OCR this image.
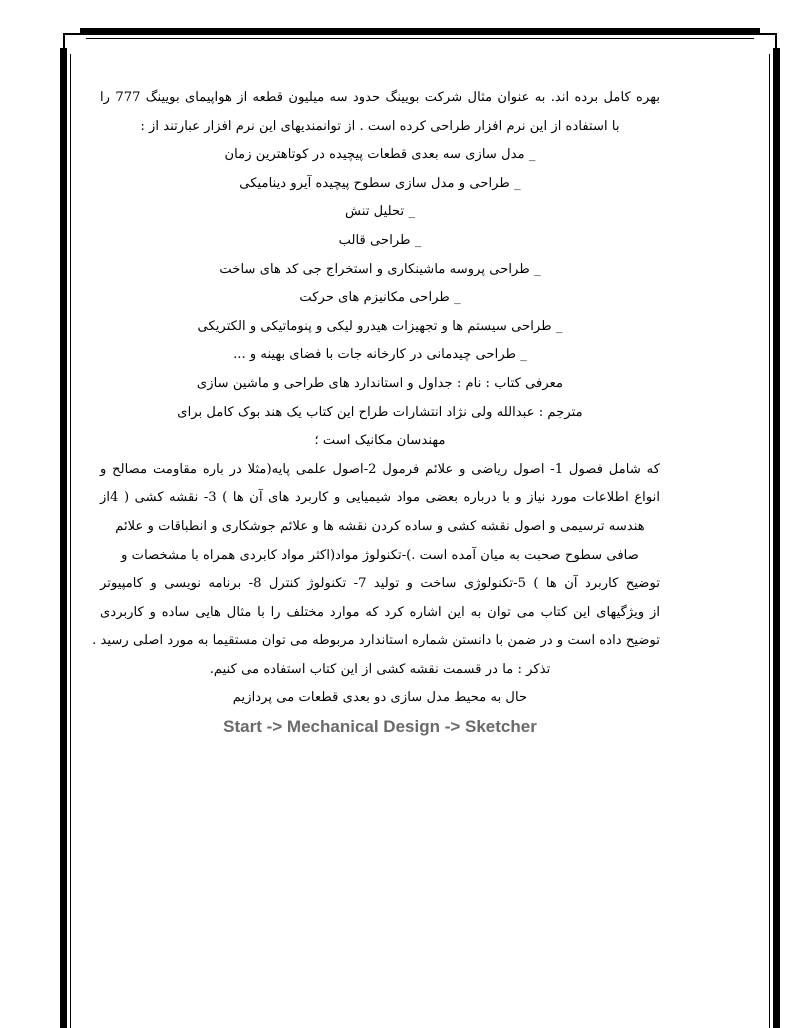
بهره کامل برده اند. به عنوان مثال شرکت بویینگ حدود سه میلیون قطعه از هواپیمای بویینگ 777 را
با استفاده از این نرم افزار طراحی کرده است . از توانمندیهای این نرم افزار عبارتند از :
_ مدل سازی سه بعدی قطعات پیچیده در کوتاهترین زمان
_ طراحی و مدل سازی سطوح پیچیده آیرو دینامیکی
_ تحلیل تنش
_ طراحی قالب
_ طراحی پروسه ماشینکاری و استخراج جی کد های ساخت
_ طراحی مکانیزم های حرکت
_ طراحی سیستم ها و تجهیزات هیدرو لیکی و پنوماتیکی و الکتریکی
_ طراحی چیدمانی در کارخانه جات با فضای بهینه و ...
معرفی کتاب : نام : جداول و استاندارد های طراحی و ماشین سازی
مترجم : عبدالله ولی نژاد انتشارات طراح این کتاب یک هند بوک کامل برای
مهندسان مکانیک است ؛
که شامل فصول 1- اصول ریاضی و علائم فرمول 2-اصول علمی پایه(مثلا در باره مقاومت مصالح و
انواع اطلاعات مورد نیاز و با درباره بعضی مواد شیمیایی و کاربرد های آن ها ) 3- نقشه کشی ( 4از
هندسه ترسیمی و اصول نقشه کشی و ساده کردن نقشه ها و علائم جوشکاری و انطباقات و علائم
صافی سطوح صحبت به میان آمده است .)-تکنولوژ مواد(اکثر مواد کابردی همراه با مشخصات و
توضیح کاربرد آن ها ) 5-تکنولوژی ساخت و تولید 7- تکنولوژ کنترل 8- برنامه نویسی و کامپیوتر
از ویژگیهای این کتاب می توان به این اشاره کرد که موارد مختلف را با مثال هایی ساده و کاربردی
توضیح داده است و در ضمن با دانستن شماره استاندارد مربوطه می توان مستقیما به مورد اصلی رسید .
تذکر : ما در قسمت نقشه کشی از این کتاب استفاده می کنیم.
حال به محیط مدل سازی دو بعدی قطعات می پردازیم
Start -> Mechanical Design -> Sketcher
